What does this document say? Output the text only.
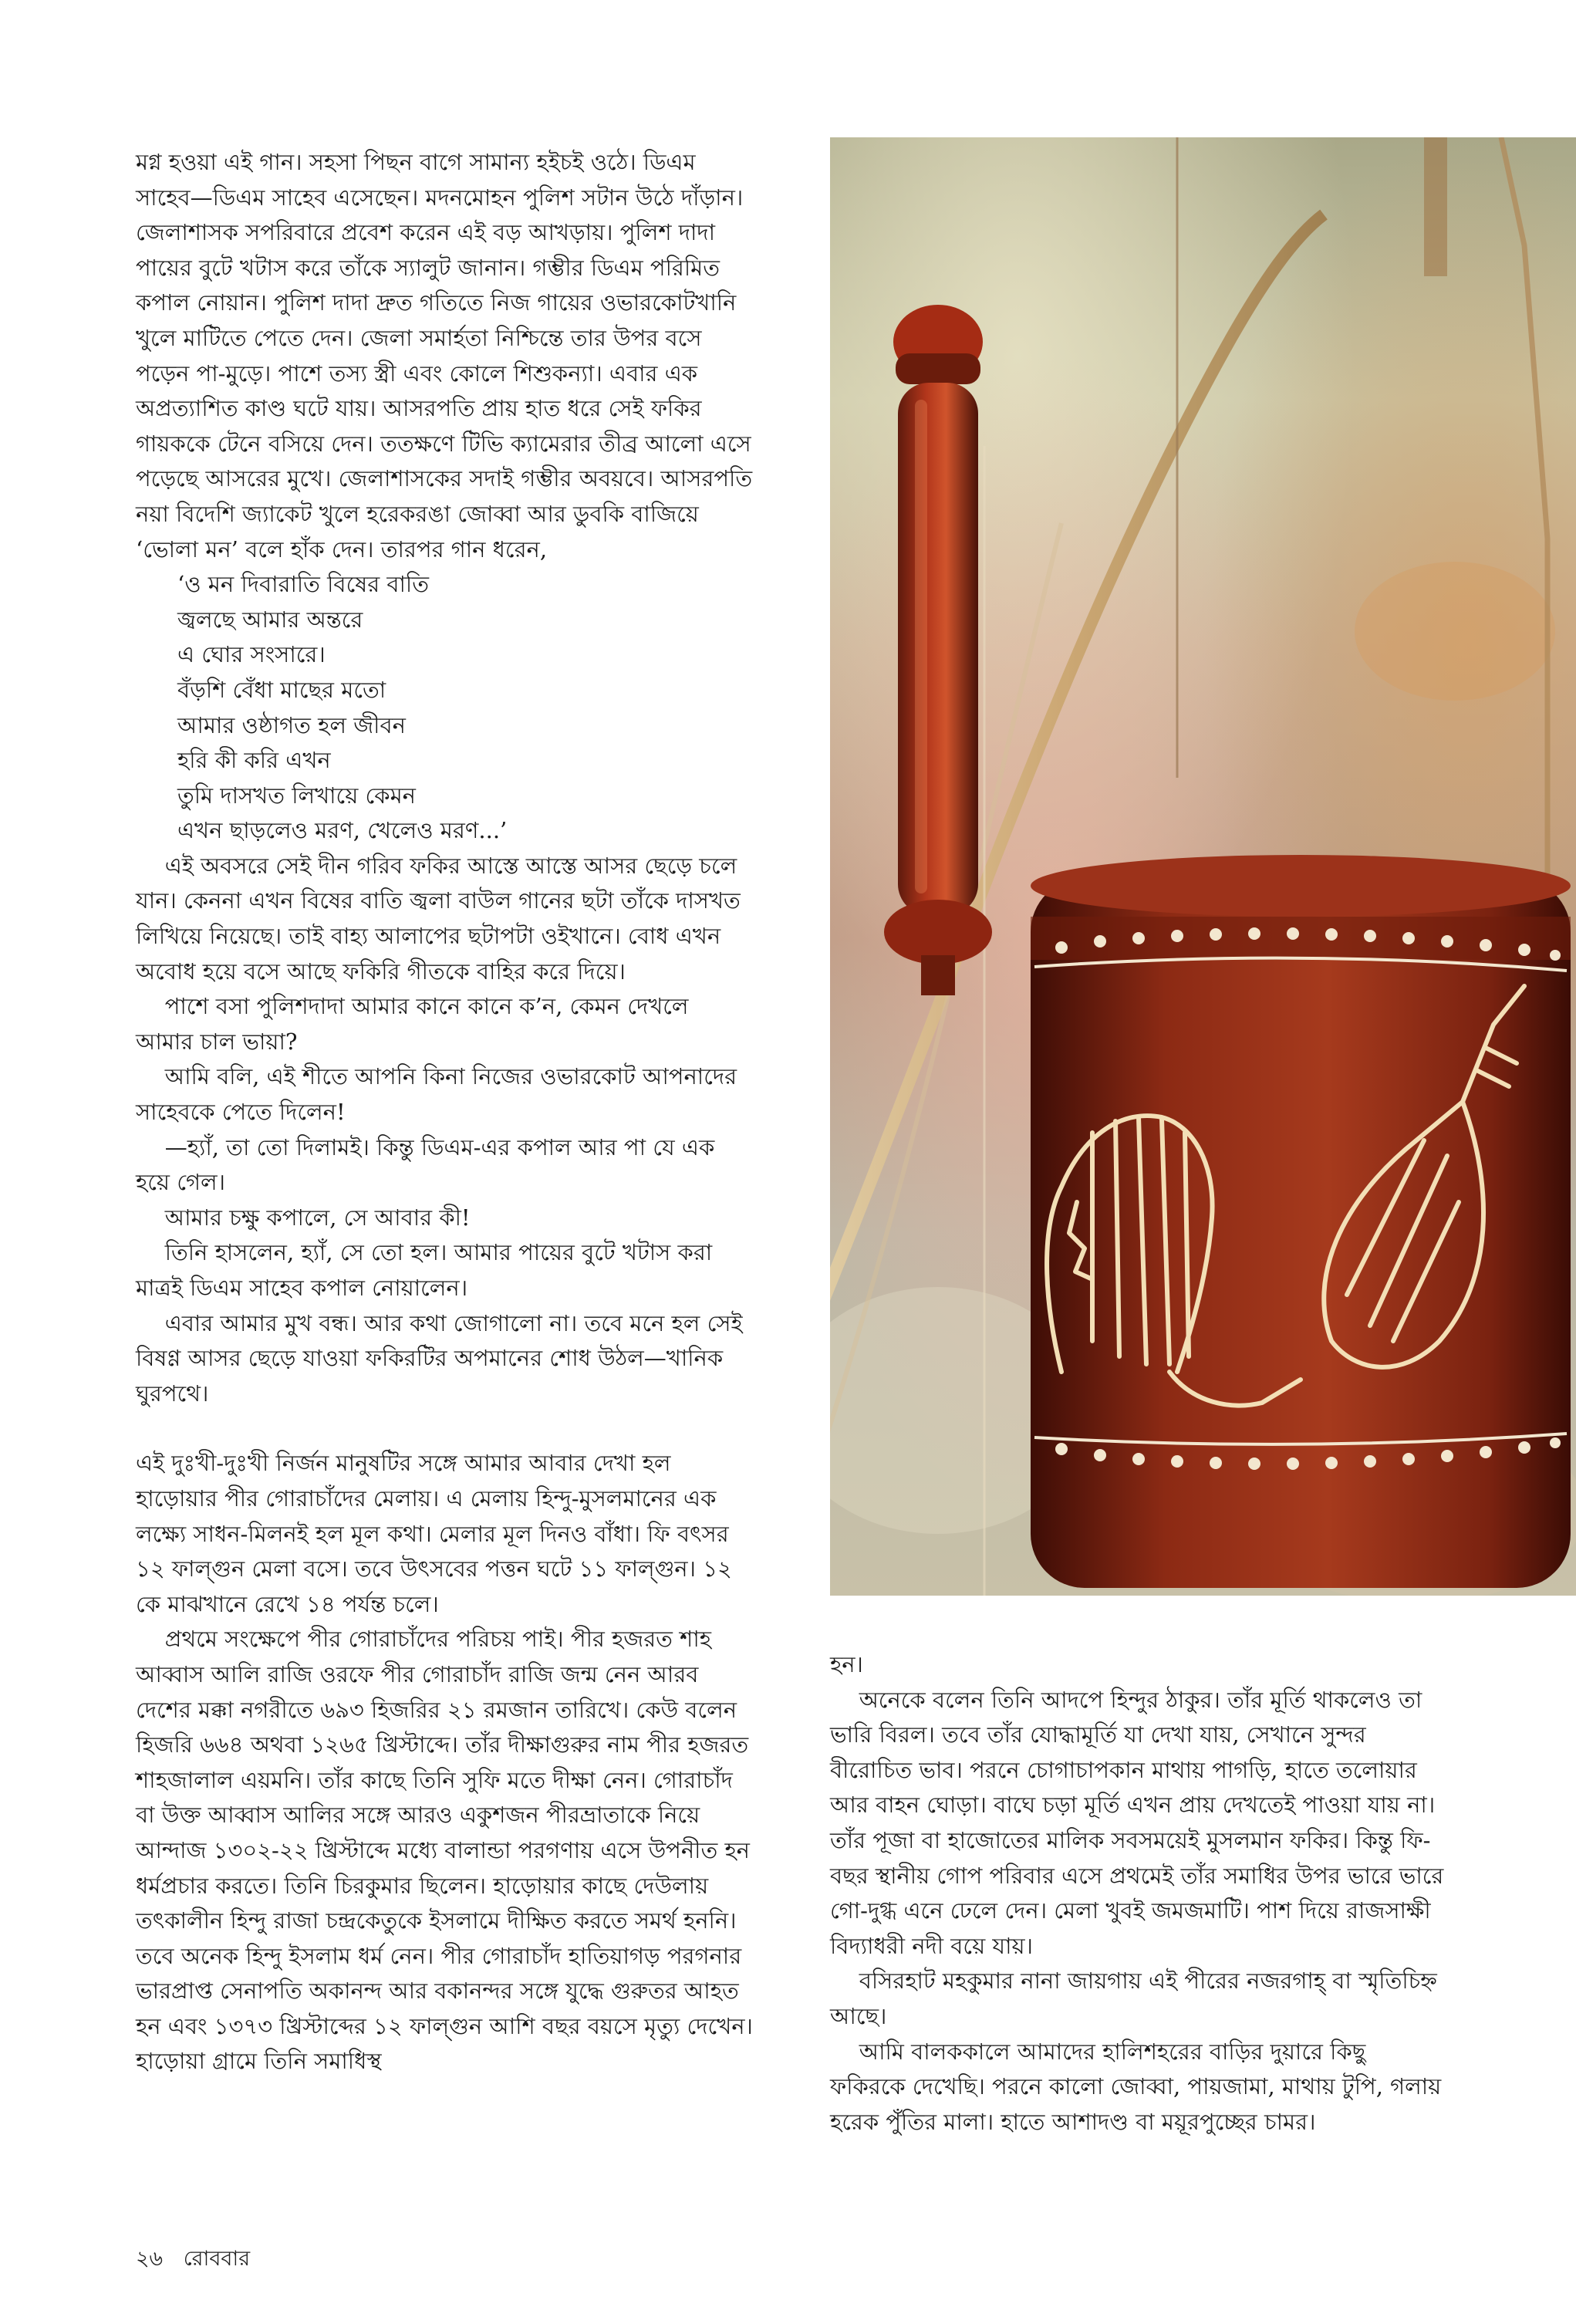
মগ্ন হওয়া এই গান। সহসা পিছন বাগে সামান্য হইচই ওঠে। ডিএম সাহেব—ডিএম সাহেব এসেছেন। মদনমোহন পুলিশ সটান উঠে দাঁড়ান। জেলাশাসক সপরিবারে প্রবেশ করেন এই বড় আখড়ায়। পুলিশ দাদা পায়ের বুটে খটাস করে তাঁকে স্যালুট জানান। গম্ভীর ডিএম পরিমিত কপাল নোয়ান। পুলিশ দাদা দ্রুত গতিতে নিজ গায়ের ওভারকোটখানি খুলে মাটিতে পেতে দেন। জেলা সমার্হতা নিশ্চিন্তে তার উপর বসে পড়েন পা-মুড়ে। পাশে তস্য স্ত্রী এবং কোলে শিশুকন্যা। এবার এক অপ্রত্যাশিত কাণ্ড ঘটে যায়। আসরপতি প্রায় হাত ধরে সেই ফকির গায়ককে টেনে বসিয়ে দেন। ততক্ষণে টিভি ক্যামেরার তীব্র আলো এসে পড়েছে আসরের মুখে। জেলাশাসকের সদাই গম্ভীর অবয়বে। আসরপতি নয়া বিদেশি জ্যাকেট খুলে হরেকরঙা জোব্বা আর ডুবকি বাজিয়ে ‘ভোলা মন’ বলে হাঁক দেন। তারপর গান ধরেন,

‘ও মন দিবারাতি বিষের বাতি

জ্বলছে আমার অন্তরে

এ ঘোর সংসারে।

বঁড়শি বেঁধা মাছের মতো

আমার ওষ্ঠাগত হল জীবন

হরি কী করি এখন

তুমি দাসখত লিখায়ে কেমন

এখন ছাড়লেও মরণ, খেলেও মরণ...’

এই অবসরে সেই দীন গরিব ফকির আস্তে আস্তে আসর ছেড়ে চলে যান। কেননা এখন বিষের বাতি জ্বলা বাউল গানের ছটা তাঁকে দাসখত লিখিয়ে নিয়েছে। তাই বাহ্য আলাপের ছটাপটা ওইখানে। বোধ এখন অবোধ হয়ে বসে আছে ফকিরি গীতকে বাহির করে দিয়ে।

পাশে বসা পুলিশদাদা আমার কানে কানে ক’ন, কেমন দেখলে আমার চাল ভায়া?

আমি বলি, এই শীতে আপনি কিনা নিজের ওভারকোট আপনাদের সাহেবকে পেতে দিলেন!

—হ্যাঁ, তা তো দিলামই। কিন্তু ডিএম-এর কপাল আর পা যে এক হয়ে গেল।

আমার চক্ষু কপালে, সে আবার কী!

তিনি হাসলেন, হ্যাঁ, সে তো হল। আমার পায়ের বুটে খটাস করা মাত্রই ডিএম সাহেব কপাল নোয়ালেন।

এবার আমার মুখ বন্ধ। আর কথা জোগালো না। তবে মনে হল সেই বিষণ্ণ আসর ছেড়ে যাওয়া ফকিরটির অপমানের শোধ উঠল—খানিক ঘুরপথে।

এই দুঃখী-দুঃখী নির্জন মানুষটির সঙ্গে আমার আবার দেখা হল হাড়োয়ার পীর গোরাচাঁদের মেলায়। এ মেলায় হিন্দু-মুসলমানের এক লক্ষ্যে সাধন-মিলনই হল মূল কথা। মেলার মূল দিনও বাঁধা। ফি বৎসর ১২ ফাল্গুন মেলা বসে। তবে উৎসবের পত্তন ঘটে ১১ ফাল্গুন। ১২ কে মাঝখানে রেখে ১৪ পর্যন্ত চলে।

প্রথমে সংক্ষেপে পীর গোরাচাঁদের পরিচয় পাই। পীর হজরত শাহ আব্বাস আলি রাজি ওরফে পীর গোরাচাঁদ রাজি জন্ম নেন আরব দেশের মক্কা নগরীতে ৬৯৩ হিজরির ২১ রমজান তারিখে। কেউ বলেন হিজরি ৬৬৪ অথবা ১২৬৫ খ্রিস্টাব্দে। তাঁর দীক্ষাগুরুর নাম পীর হজরত শাহজালাল এয়মনি। তাঁর কাছে তিনি সুফি মতে দীক্ষা নেন। গোরাচাঁদ বা উক্ত আব্বাস আলির সঙ্গে আরও একুশজন পীরভ্রাতাকে নিয়ে আন্দাজ ১৩০২-২২ খ্রিস্টাব্দে মধ্যে বালান্ডা পরগণায় এসে উপনীত হন ধর্মপ্রচার করতে। তিনি চিরকুমার ছিলেন। হাড়োয়ার কাছে দেউলায় তৎকালীন হিন্দু রাজা চন্দ্রকেতুকে ইসলামে দীক্ষিত করতে সমর্থ হননি। তবে অনেক হিন্দু ইসলাম ধর্ম নেন। পীর গোরাচাঁদ হাতিয়াগড় পরগনার ভারপ্রাপ্ত সেনাপতি অকানন্দ আর বকানন্দর সঙ্গে যুদ্ধে গুরুতর আহত হন এবং ১৩৭৩ খ্রিস্টাব্দের ১২ ফাল্গুন আশি বছর বয়সে মৃত্যু দেখেন। হাড়োয়া গ্রামে তিনি সমাধিস্থ

হন।

অনেকে বলেন তিনি আদপে হিন্দুর ঠাকুর। তাঁর মূর্তি থাকলেও তা ভারি বিরল। তবে তাঁর যোদ্ধামূর্তি যা দেখা যায়, সেখানে সুন্দর বীরোচিত ভাব। পরনে চোগাচাপকান মাথায় পাগড়ি, হাতে তলোয়ার আর বাহন ঘোড়া। বাঘে চড়া মূর্তি এখন প্রায় দেখতেই পাওয়া যায় না। তাঁর পূজা বা হাজোতের মালিক সবসময়েই মুসলমান ফকির। কিন্তু ফি-বছর স্থানীয় গোপ পরিবার এসে প্রথমেই তাঁর সমাধির উপর ভারে ভারে গো-দুগ্ধ এনে ঢেলে দেন। মেলা খুবই জমজমাটি। পাশ দিয়ে রাজসাক্ষী বিদ্যাধরী নদী বয়ে যায়।

বসিরহাট মহকুমার নানা জায়গায় এই পীরের নজরগাহ্ বা স্মৃতিচিহ্ন আছে।

আমি বালককালে আমাদের হালিশহরের বাড়ির দুয়ারে কিছু ফকিরকে দেখেছি। পরনে কালো জোব্বা, পায়জামা, মাথায় টুপি, গলায় হরেক পুঁতির মালা। হাতে আশাদণ্ড বা ময়ূরপুচ্ছের চামর।

২৬ রোববার
